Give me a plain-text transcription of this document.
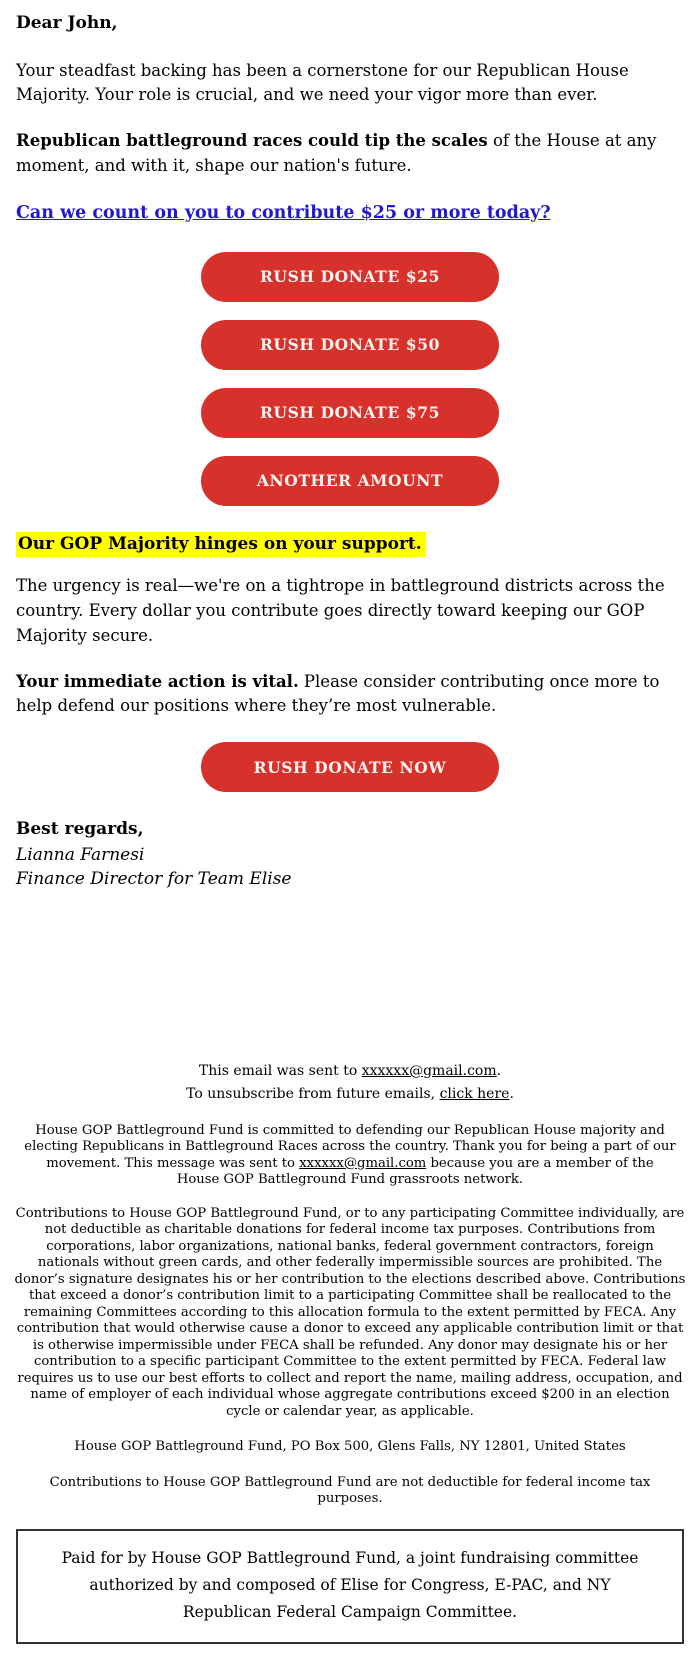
Dear John,

Your steadfast backing has been a cornerstone for our Republican House Majority. Your role is crucial, and we need your vigor more than ever.

Republican battleground races could tip the scales of the House at any moment, and with it, shape our nation's future.

Can we count on you to contribute $25 or more today?

RUSH DONATE $25
RUSH DONATE $50
RUSH DONATE $75
ANOTHER AMOUNT

Our GOP Majority hinges on your support.

The urgency is real—we're on a tightrope in battleground districts across the country. Every dollar you contribute goes directly toward keeping our GOP Majority secure.

Your immediate action is vital. Please consider contributing once more to help defend our positions where they’re most vulnerable.

RUSH DONATE NOW

Best regards,

Lianna Farnesi

Finance Director for Team Elise

This email was sent to xxxxxx@gmail.com.
To unsubscribe from future emails, click here.

House GOP Battleground Fund is committed to defending our Republican House majority and electing Republicans in Battleground Races across the country. Thank you for being a part of our movement. This message was sent to xxxxxx@gmail.com because you are a member of the House GOP Battleground Fund grassroots network.

Contributions to House GOP Battleground Fund, or to any participating Committee individually, are not deductible as charitable donations for federal income tax purposes. Contributions from corporations, labor organizations, national banks, federal government contractors, foreign nationals without green cards, and other federally impermissible sources are prohibited. The donor’s signature designates his or her contribution to the elections described above. Contributions that exceed a donor’s contribution limit to a participating Committee shall be reallocated to the remaining Committees according to this allocation formula to the extent permitted by FECA. Any contribution that would otherwise cause a donor to exceed any applicable contribution limit or that is otherwise impermissible under FECA shall be refunded. Any donor may designate his or her contribution to a specific participant Committee to the extent permitted by FECA. Federal law requires us to use our best efforts to collect and report the name, mailing address, occupation, and name of employer of each individual whose aggregate contributions exceed $200 in an election cycle or calendar year, as applicable.

House GOP Battleground Fund, PO Box 500, Glens Falls, NY 12801, United States

Contributions to House GOP Battleground Fund are not deductible for federal income tax purposes.

Paid for by House GOP Battleground Fund, a joint fundraising committee authorized by and composed of Elise for Congress, E-PAC, and NY Republican Federal Campaign Committee.
